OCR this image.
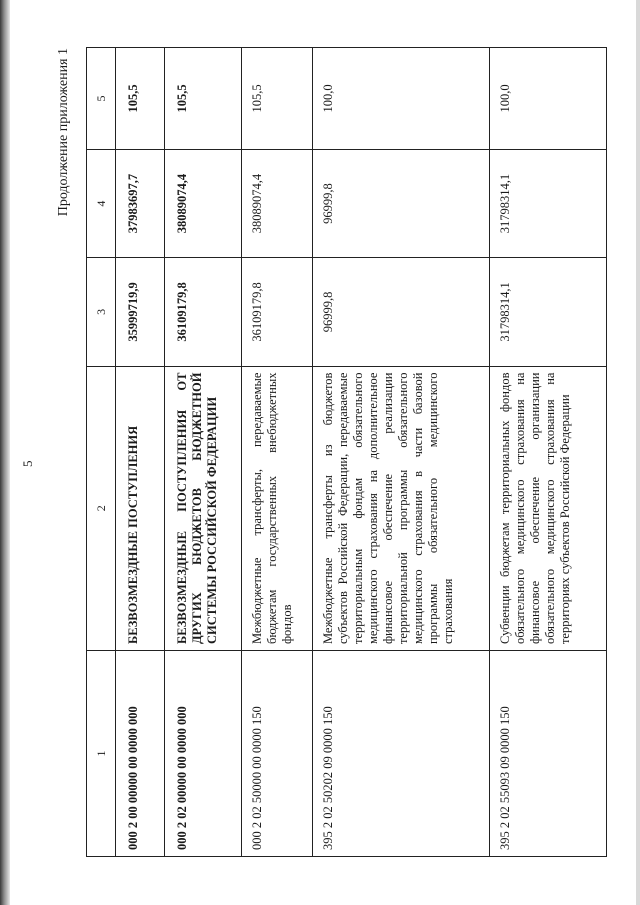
5
Продолжение приложения 1
1	2	3	4	5
000 2 00 00000 00 0000 000	БЕЗВОЗМЕЗДНЫЕ ПОСТУПЛЕНИЯ	35999719,9	37983697,7	105,5
000 2 02 00000 00 0000 000	БЕЗВОЗМЕЗДНЫЕ ПОСТУПЛЕНИЯ ОТ ДРУГИХ БЮДЖЕТОВ БЮДЖЕТНОЙ СИСТЕМЫ РОССИЙСКОЙ ФЕДЕРАЦИИ	36109179,8	38089074,4	105,5
000 2 02 50000 00 0000 150	Межбюджетные трансферты, передаваемые бюджетам государственных внебюджетных фондов	36109179,8	38089074,4	105,5
395 2 02 50202 09 0000 150	Межбюджетные трансферты из бюджетов субъектов Российской Федерации, передаваемые территориальным фондам обязательного медицинского страхования на дополнительное финансовое обеспечение реализации территориальной программы обязательного медицинского страхования в части базовой программы обязательного медицинского страхования	96999,8	96999,8	100,0
395 2 02 55093 09 0000 150	Субвенции бюджетам территориальных фондов обязательного медицинского страхования на финансовое обеспечение организации обязательного медицинского страхования на территориях субъектов Российской Федерации	31798314,1	31798314,1	100,0
